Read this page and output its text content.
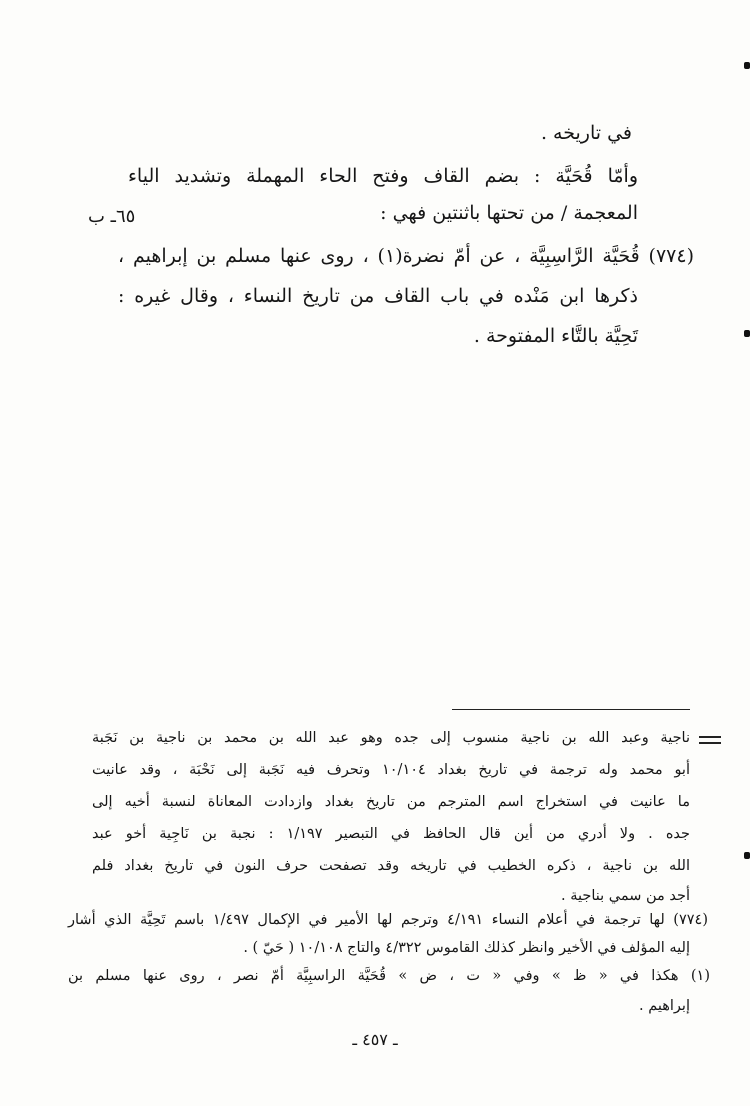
في تاريخه .
وأمّا قُحَيَّة : بضم القاف وفتح الحاء المهملة وتشديد الياء
المعجمة / من تحتها باثنتين فهي :
٦٥ـ ب
(٧٧٤) قُحَيَّة الرَّاسِبِيَّة ، عن أمّ نضرة(١) ، روى عنها مسلم بن إبراهيم ،
ذكرها ابن مَنْده في باب القاف من تاريخ النساء ، وقال غيره :
تَحِيَّة بالتَّاء المفتوحة .
ناجية وعبد الله بن ناجية منسوب إلى جده وهو عبد الله بن محمد بن ناجية بن نَجَبة
أبو محمد وله ترجمة في تاريخ بغداد ١٠/١٠٤ وتحرف فيه نَجَبة إلى نَحْبَة ، وقد عانيت
ما عانيت في استخراج اسم المترجم من تاريخ بغداد وازدادت المعاناة لنسبة أخيه إلى
جده . ولا أدري من أين قال الحافظ في التبصير ١/١٩٧ : نجبة بن نَاجِية أخو عبد
الله بن ناجية ، ذكره الخطيب في تاريخه وقد تصفحت حرف النون في تاريخ بغداد فلم
أجد من سمي بناجية .
(٧٧٤) لها ترجمة في أعلام النساء ٤/١٩١ وترجم لها الأمير في الإكمال ١/٤٩٧ باسم تَحِيَّة الذي أشار
إليه المؤلف في الأخير وانظر كذلك القاموس ٤/٣٢٢ والتاج ١٠/١٠٨ ( حَيّ ) .
(١) هكذا في « ظ » وفي « ت ، ض » قُحَيَّة الراسبِيَّة أمّ نصر ، روى عنها مسلم بن
إبراهيم .
ـ ٤٥٧ ـ
